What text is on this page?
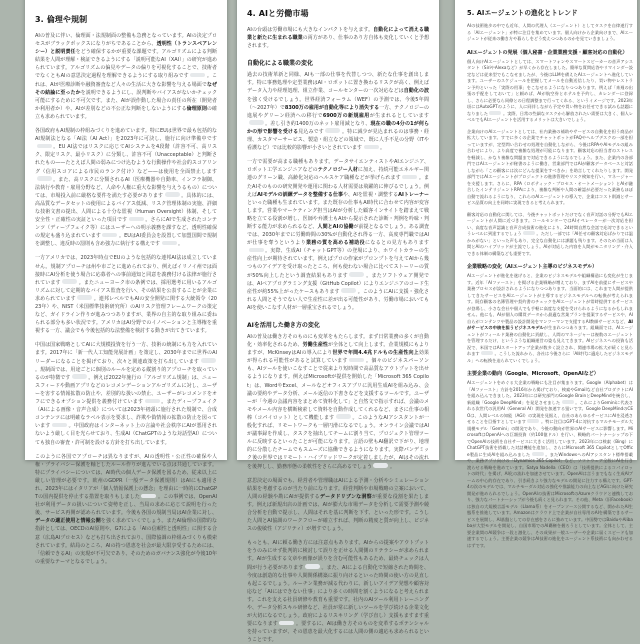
3. 倫理や規制

AIの普及に伴い、倫理面・法規制面の整備も急務となっています。AIの決定プロセスがブラックボックスになりがちであることから、透明性（トランスペアレンシー）と説明責任をどう確保するかが重要な課題です。アルゴリズムによる判断結果を人間が理解・検証できるようにする「説明可能なAI（XAI）」の研究が進められています。アルゴリズムの偏見やデータの偏りを可視化することで、技術者でなくともAIの意思決定過程を理解できるようにする取り組みです	。これは、AIが医療診断や融資審査など人々の生活に大きな影響を与える場面でなぜその結論に至ったかを説明できるようにし、誤判断やバイアスがないかチェック可能にするために不可欠です。また、AIが誤作動した場合の責任の所在（開発者か利用者か）や、AIが差別などの不公正な判断をしないようにする倫理原則の確立も求められています。

各国政府もAI規制の枠組みづくりを進めています。特にEUは世界で最も包括的なAI規制法となる「AI法（AI Act）」を2023年に可決し、施行に向け準備中です。EU AI法ではリスクに応じてAIシステムを4段階（許容不可、高リスク、限定リスク、最小リスク）に分類し、許容不可（Unacceptable）と判断されたもの——たとえば人間の弱みにつけ込むような行動操作や社会的スコアリング（信用スコアによる市民のランク付け）など——は使用を全面禁止します。また、高リスクに分類されるAI（医療機器や自動車、インフラ制御、法執行や教育・雇用分野など、人命や人権に重大な影響を与えうるもの）については、市場投入前に厳格な要件を満たす必要があります	。具体的には、高品質なデータセットの使用によるバイアス低減、リスク管理体制の実施、詳細な技術文書の提出、人間による十分な監視（Human Oversight）体制、そして安全性・正確性の実証といった項目です	。さらにAIで生成されたコンテンツ（ディープフェイク等）にはユーザーへの明示義務を課すなど、透明性確保の規定も盛り込まれています	。EUはAI委員会を設置して加盟国間で規制を調整し、違反時の罰則も含め強力に執行する構えです	。

一方アメリカでは、2023年時点でEUのような包括的な連邦AI法は成立していません。規制アプローチは州や市ごとに進められており、例えばイリノイ州では面接時にAI分析を使う場合に応募者への事前通知と同意を義務付ける法律が施行されています	。またニューヨーク市の条例では、採用選考に用いるアルゴリズムに対して定期的なバイアス監査を行い、その結果を公表することが企業に求められています	。連邦レベルでもAIの安全開発に関する大統領令（2023年）や、NIST（米国標準技術研究所）のAIリスク管理フレームワークの策定など、ガイドライン作りが進みつつありますが、業界の自主的な取り組みに委ねられる部分も多い状況です。アメリカはAI分野でのイノベーションと主導権を重視する一方、議会でも今後包括的な法整備を検討する動きが出てきています。

中国は国家戦略としてAIに大規模投資を行う一方、技術の統制にも力を入れています。2017年に「新一代人工知能発展計画」を策定し、2030年までに世界のAIリーダーになることを掲げており、次々と関連政策を打ち出しています。規制面では、用途ごとに個別のルールを定める縦割り的アプローチを取っているのが特徴です	。例えば2022年施行の「アルゴリズム規制」は、ニュースフィードや動画アプリなどのレコメンデーションアルゴリズムに対し、ユーザーを害する情報拡散の防止や、差別的な扱いの禁止、ユーザーがレコメンドをオフにできるオプション提供を義務付けています	。またディープフェイク（AIによる画像・音声合成）については2023年初頭に施行された規制で、合成コンテンツには明確なラベル表示を要求し、詐欺や偽情報の拡散の防止を図っています	。中国政府はインターネット上の言論や社会秩序にAIが悪用されないよう厳しく目を光らせており、生成AI（ChatGPTのような対話型AI）についても独自の審査・許可制を設ける方針を打ち出しています。

このように各国でアプローチは異なりますが、AIの透明性・公正性の確保や人権・プライバシー保護を軸としたルール作りが進んでいる点は共通しています。特にプライバシーについては、AI時代の個人データ保護を図るため、従来以上に厳しい管理が必要です。欧州のGDPR（一般データ保護規則）はAIにも適用され、2023年にはイタリアが「個人情報保護上の懸念」を理由に一時的にChatGPTの国内提供を停止する措置を取りもしました	。この事例では、OpenAI社が利用データの扱いについて姿勢を正し、当局の求めに応じて説明を行った後、サービス再開が認められています。今後も各国の規制当局はAI企業に対し、データの適正使用と情報公開を強く求めていくでしょう。またAI倫理の国際的な指針としては、OECDのAI原則や、G7による「AIの信頼性と透明性」に関する合意（広島AIプロセス）なども打ち出されており、国際協調の枠組みづくりも模索されています。結局のところ、AIの持つ恩恵を社会が最大限享受するためには、「信頼できるAI」の実現が不可欠であり、そのためのガバナンス強化が今後10年の重要なテーマとなるでしょう。

4. AIと労働市場

AIの台頭は労働市場にも大きなインパクトを与えます。自動化によって消える職業と新たに生まれる職業の両方があり、仕事のあり方自体も変化していくと予想されます。

自動化による職業の変化

過去の技術革新と同様、AIも一部の仕事を代替しつつ、新たな仕事を創出します。特に事務処理や定型業務はAI・ロボットに置き換わるリスクが高く、例えばデータ入力や経理処理、組立作業、コールセンターの一次対応などは自動化の波を強く受けるでしょう。世界経済フォーラム（WEF）の予測では、今後5年間（〜2027年）で8300万の雇用が自動化等により消失する一方、テクノロジーの進展やグリーン経済への移行で6900万の新規雇用が生まれるとしています。差し引き約1400万のネット雇用減となり、現在の職の4分の1が何らかの形で影響を受ける見込みです	。特に減少が見込まれるのは事務・経理、カスタマーサービス、製造・組立などの領域で、既に人手不足の分野（ITや看護など）では比較的影響が小さいとされています	。

一方で需要が高まる職種もあります。データサイエンティストやAIエンジニア、ロボット工学エンジニアなどのテクノロジー人材に加え、持続可能エネルギー関連のグリーン職、高齢化対応のヘルスケア職種などが挙げられます	。またAIそのものの研究開発や運用に関わる人材需要は飛躍的に伸びるでしょう。例えばAIモデルの訓練データを整備する仕事や、AIを監視・調整するAIトレーナーといった職種も生まれています。また既存の仕事もAI時代に合わせて内容が変容します。営業やマーケティング担当はAIが分析した顧客インサイトを踏まえて戦略を立てる役割が増し、医師や弁護士もAIから提示された診断・判例を吟味・判断する能力が求められるなど、人間とAIの協働が前提となるでしょう。ある調査では、2030年までに労働時間の30%が自動化され得る一方、高度専門職ではAIが仕事を奪うというより業務の質を高める補助役になるとの見方もあります。実際、生成AI（チャットGPT等）の登場により、ホワイトカラーの生産性向上が期待されています。例えばプロの作家がプロンプトを与えてAIから幾つものアイデアを受け取ったところ、何も使わない場合に比べてストーリーの質が50%向上したという調査結果もあります	。またソフトウェア開発では、AIペアプログラミング支援（GitHub Copilot）によりエンジニアのコード生産性が約55%上がったケースもあります	。このようにAIに支援・強化される人間とそうでない人で生産性に差が出る可能性があり、労働市場においてもAIを使いこなす人材が一層重宝されるでしょう。

AIを活用した働き方の変化

AIの普及は働き方そのものにも変革をもたらします。まず日常業務の多くが自動化・効率化されるため、労働生産性が全体として向上します。企業規模にもよりますが、McKinseyはAIの導入により世界で年間4.4兆ドルもの生産性向上効果が得られる可能性があると試算しています	。個々のビジネスパーソンも、AIツールを使いこなすことで従来より短時間で高品質なアウトプットを出せるようになります。例えばMicrosoftが提供を開始した「Microsoft 365 Copilot」は、WordやExcel、メールなどオフィスアプリに汎用生成AIを組み込み、会議の要約やデータ分析、メール返信の下書きなどを支援するツールです。ユーザーが「今週の会議内容をまとめて資料化して」と自然文で指示すれば、会議のメモやメール内容を横断検索して資料を自動作成してくれるなど、まさに仕事の相棒（コパイロット）として機能します	。このようなAIアシスタントが一般化すれば、リモートワークも一層円滑になるでしょう。オンライン会議ではAIが議事録を作成し、タスクを抽出してチームに割り当て、プロジェクト管理ツールに反映するといったことが可能になります。言語の壁もAI翻訳で下がり、地理的に分散したチームでもスムーズに協働できるようになります。実際パンデミック後の世界ではリモート・ハイブリッドワークが定着しましたが、AIはその流れを後押しし、勤務形態の柔軟性をさらに高めるでしょう	。

意思決定の場面でも、経営者や管理職はAIによる予測・分析やシミュレーション結果を考慮するのが当たり前になります。経営判断や市場戦略の立案において、人間の経験や勘にAIが提供するデータドリブンな洞察が重要な役割を果たします。例えば新規出店の計画では、AIが膨大な市場データを分析して需要予測や競合分析を自動で提示し、人間はそれを基に判断を下す、といった形です。こうした人間とAI協調のワークフローが確立すれば、判断の精度と質が向上し、ビジネスの俊敏性（アジリティ）が増すでしょう。

もっとも、AIに頼る働き方には注意点もあります。AIからの提案やアウトプットをうのみにせず批判的に検討して誤りを正せる人間側のリテラシーが求められます。AIが生成する文章や画像が誤りを含む可能性もあるため、最終チェックは人間が行う必要があります	。また、AIによる自動化で短縮された時間を、今度は創造的な仕事や人間関係構築に振り向けるといった時間の使い方の見直しも起こるでしょう。ルーチン業務が減る代わりに、新しいアイデア発想や顧客対応など「AIにはできない仕事」により多くの時間を割くようになると考えられます。これを支える社員研修や教育も重要です。社内のAIツール利用トレーニングや、データ分析スキル研修など、社員が常に新しいツールを学び続ける企業文化が大切になるでしょう。政府によるリスキリング（学び直し）支援もますます重要になります	。要するに、AIは働き方そのものを変革するポテンシャルを持っていますが、その恩恵を最大化するには人間の側の適応も求められるということです。

5. AIエージェントの進化とトレンド

AIの技術進歩の中でも近年、人間の代理人（エージェント）としてタスクを自律遂行する「AIエージェント」が特に注目を集めています。個人向けから企業向けまで、AIエージェントが従来の働き方や暮らしをどう変えつつあるのかを見ていきましょう。

AIエージェントの発展（個人秘書・企業業務支援・顧客対応の自動化）

個人向けAIエージェントとしては、スマートフォンやスマートスピーカーの音声アシスタント（SiriやAlexaなど）が早くから存在しました。簡単な質問応答やリマインダー設定などは従来型でもこなせましたが、今後はLLMを備えたAIエージェントへ進化しています。ユーザーのスケジュールを把握してメールを自動送信したり、買い物やレストラン予約といった「実際の用事」をこなせるようになりつつあります。例えば「来週の出張の手配をしておいて」と頼めば、AIが航空券とホテルを予約し、カレンダーに登録し、さらに必要なら同僚との日程調整まで行ってくれる、というイメージです。2023年頃にはAutoGPTのように、人に同伴しながら予定や買い物をお任せできる試みも話題になりました	。実際、日常の些細なタスクから解放されたい需要は大きく、個人レベルでもAIエージェントを活用するメリットは大きいでしょう。

企業向けのAIエージェントとしては、社内業務の補助やサービスの自動化を担う商品が拡大しています。すでに多くの企業でチャットボットがFAQやヘルプデスクの一部を担っていますが、定型問い合わせの処理を自動化しながら、今後はRPAやAIモデルの組み合わせにより、より高度で複雑な処理が可能になります。顧客対応の担当者のストレスを軽減し、かなり複雑な問題まで対応できるようになるでしょう。また、企業内の各部門ではAIエージェントが秘書のように働き、営業部門ではAIが顧客データベースと対話しながら「この顧客には次にどんな提案をすべきか」を助言してくれたりします。開発部門ではAIエージェントがプロジェクトの進捗管理やリスク検知を行い、マネージャーを支援します。さらに、RPA（ロボティック・プロセス・オートメーション）とAIが融合したインテリジェントRPAにより、複雑な判断や人間の確認が必要だった業務もほぼ自動で流れるようになり、これらのAIエージェントの導入で、企業はコスト削減とサービス品質の向上を同時に実現できると考えられます。

顧客対応の自動化に関しては、今後チャットボットだけでなく音声対話の分野でもAIエージェントが人間に近づきます。コールセンターではAIオペレーターが一次対応を担い、高度な音声認識と音声合成技術の進化により、24時間自然な会話で応対できるというレベルに到達するでしょう	。ただし一部では「AI任せの顧客対応ばかりでは温かみがない」といった声もあり、完全な自動化には課題も残ります。そのため当面は人間とAIのハイブリッドが主流でしょう。AIが対応した内容を人間がモニタリング・介入できる体制の構築なども重要です。

企業戦略の変化（AIエージェント主導のビジネスモデル）

AIエージェントが進化を遂げると、企業のビジネスモデルや組織構造にも変化が生じます。近年「AIファースト」を掲げる企業戦略が増えており、まずAIを前提にサービスや業務プロセスが設計されるようになりつつあります。当面的には、これまで人間が提供してきたサービスをAIエージェントが主導するビジネスモデルへの転換が考えられます。既存顧客の名簿管理や契約書のチェックをAIエージェントが常時提供するサービスが登場し、小さな会社や個人でも手軽に高度な支援を受けられるようになるかもしれません。他にも、AIが個人の購買データから最適な営業プランを提案するサービスや、AI自らがコンテンツや製品の設計開発をマンツーマンで支援するAI教師サービスなど、AIがサービスの中核を担うビジネスモデルが生まれつつあります。組織面では、AIエージェントがフィールド業務の自動化に貢献し、人間のマネージャーは複数のエージェントを管理するだけ、というような組織運営の姿も見えてきます。AIビジネスへの投資も活況で、米国ではAIスタートアップ企業が数多く設立され、関連市場の拡大が続くと見られます	。こうした流れから、各社は今後さらに「AI時代に適応したビジネスモデル」への転換を迫られていくでしょう。

主要企業の動向（Google、Microsoft、OpenAIなど）

AIエージェントをめぐる大企業の戦略にも注目が集まります。Google（Alphabet）は「AIファースト」方針を2016年から掲げており、検索やGmailなど自社プロダクトにAIを組み込んできました。2023年には研究部門のGoogle BrainとDeepMindを統合し、新組織「Google DeepMind」を発足させました	。これによりGeminiに代表される次世代の汎用AI（General AI）開発を加速する狙いです。Google DeepMindのCEOは、人間レベルの知能（AGI）の実現を見据え、自社のあらゆるサービスにAIを浸透させることを目指すとしています	。特に注目はGPT-4に対抗するマルチモーダル大規模モデル「Gemini」の開発であり、今後の動向が世界のAIサービスに影響します。MicrosoftはOpenAIへの巨額投資（約100億ドル）を行い、戦略的パートナーシップの下でOpenAIの技術を自社サービスに大きく活用しています。2023年には検索（Bing）にChatGPT技術を搭載した対話機能を追加し、さらにMicrosoft 365 CopilotとしてOffice製品に生成AIを組み込みました	。またWindowsへのAIアシスタント標準搭載や、業務アプリ向けの「Dynamics 365 Copilot」など、ソフトウェア全般にAIを行き渡らせる戦略を進めています。Satya Nadella（CEO）は「技術提供によるコパイロットの時代」を掲げ、AI化の流れを加速させています。OpenAIは言うまでもなく生成AIブームの中心的存在であり、引き続きより強力なモデルの開発に注力する構えです。GPT-4の次のモデルでは、マルチモーダル対応の強化や推論能力の向上などAGIに向けた研究開発が進められるでしょう。OpenAIの技術はMicrosoftのAzureクラウドと連携しており、強力なパートナーシップが今後も続くと見られます。その他、Meta（旧Facebook）は独自の大規模言語モデル（Llama系）をオープンソース公開するなど、開かれたAI生態系を推進しています。Amazonはクラウド上で企業が自社専用のAIを構築できるサービスを展開し、AI基盤としての存在感をさらに強めています。中国勢ではBaiduやAlibabaが大型モデルを開発し、自国市場でのAI覇権を握ろうとしています。全体として、主要企業間のAI競争は一段と激化し、その成果が一般ユーザーや企業に届くスピードも加速するでしょう。主要企業の競争はAI技術の進化をエージェント系技術にも向かわせるはずです。
